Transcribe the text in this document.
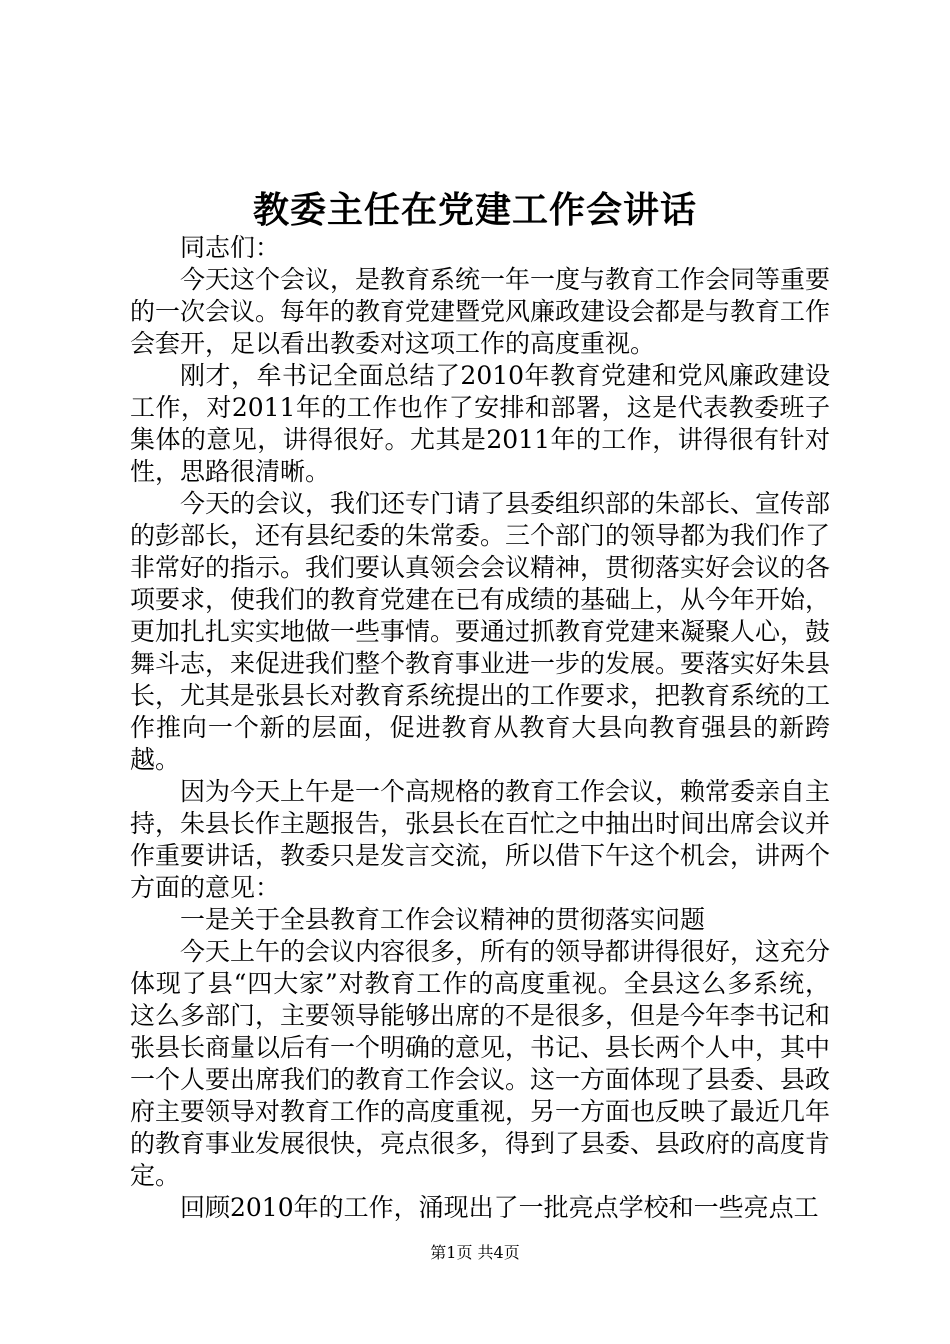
教委主任在党建工作会讲话

同志们：

今天这个会议，是教育系统一年一度与教育工作会同等重要的一次会议。每年的教育党建暨党风廉政建设会都是与教育工作会套开，足以看出教委对这项工作的高度重视。

刚才，牟书记全面总结了2010年教育党建和党风廉政建设工作，对2011年的工作也作了安排和部署，这是代表教委班子集体的意见，讲得很好。尤其是2011年的工作，讲得很有针对性，思路很清晰。

今天的会议，我们还专门请了县委组织部的朱部长、宣传部的彭部长，还有县纪委的朱常委。三个部门的领导都为我们作了非常好的指示。我们要认真领会会议精神，贯彻落实好会议的各项要求，使我们的教育党建在已有成绩的基础上，从今年开始，更加扎扎实实地做一些事情。要通过抓教育党建来凝聚人心，鼓舞斗志，来促进我们整个教育事业进一步的发展。要落实好朱县长，尤其是张县长对教育系统提出的工作要求，把教育系统的工作推向一个新的层面，促进教育从教育大县向教育强县的新跨越。

因为今天上午是一个高规格的教育工作会议，赖常委亲自主持，朱县长作主题报告，张县长在百忙之中抽出时间出席会议并作重要讲话，教委只是发言交流，所以借下午这个机会，讲两个方面的意见：

一是关于全县教育工作会议精神的贯彻落实问题

今天上午的会议内容很多，所有的领导都讲得很好，这充分体现了县“四大家”对教育工作的高度重视。全县这么多系统，这么多部门，主要领导能够出席的不是很多，但是今年李书记和张县长商量以后有一个明确的意见，书记、县长两个人中，其中一个人要出席我们的教育工作会议。这一方面体现了县委、县政府主要领导对教育工作的高度重视，另一方面也反映了最近几年的教育事业发展很快，亮点很多，得到了县委、县政府的高度肯定。

回顾2010年的工作，涌现出了一批亮点学校和一些亮点工

第1页 共4页
